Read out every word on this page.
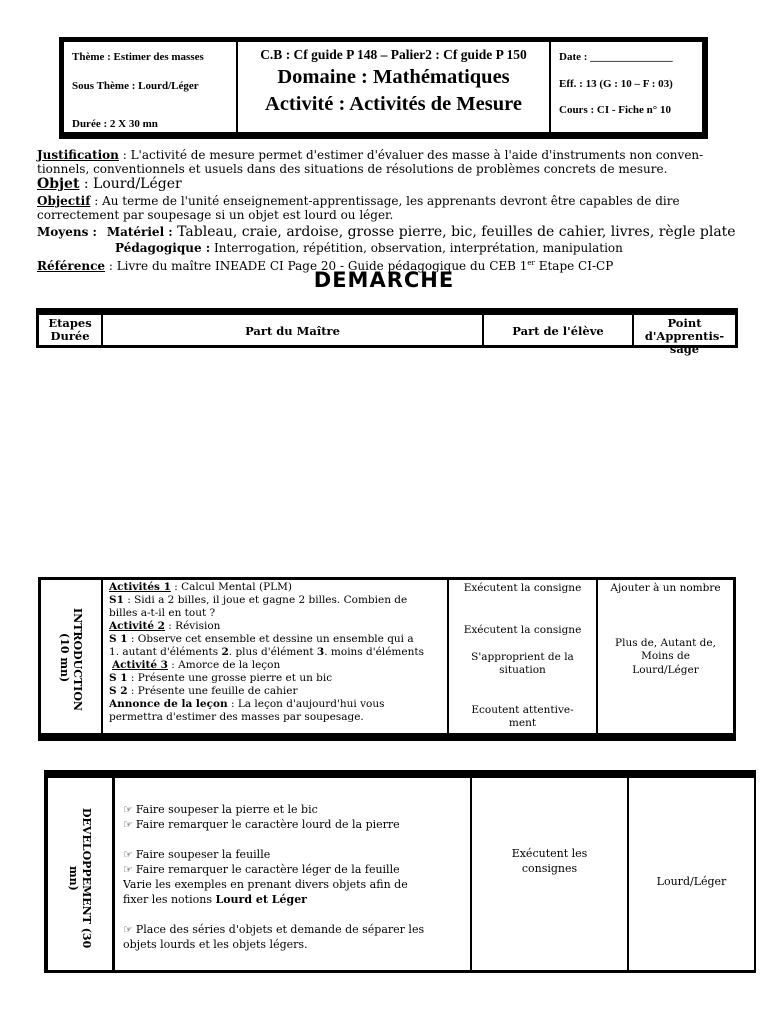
Thème : Estimer des masses
Sous Thème : Lourd/Léger
Durée : 2 X 30 mn
C.B : Cf guide P 148 – Palier2 : Cf guide P 150
Domaine : Mathématiques
Activité : Activités de Mesure
Date : _______________
Eff. : 13 (G : 10 – F : 03)
Cours : CI - Fiche n° 10
Justification : L'activité de mesure permet d'estimer d'évaluer des masse à l'aide d'instruments non conven-
tionnels, conventionnels et usuels dans des situations de résolutions de problèmes concrets de mesure.
Objet : Lourd/Léger
Objectif : Au terme de l'unité enseignement-apprentissage, les apprenants devront être capables de dire
correctement par soupesage si un objet est lourd ou léger.
Moyens : Matériel : Tableau, craie, ardoise, grosse pierre, bic, feuilles de cahier, livres, règle plate
Pédagogique : Interrogation, répétition, observation, interprétation, manipulation
Référence : Livre du maître INEADE CI Page 20 - Guide pédagogique du CEB 1er Etape CI-CP
DEMARCHE
Etapes
Durée	Part du Maître	Part de l'élève
Point d'Apprentis-
sage
INTRODUCTION
(10 mn)
Activités 1 : Calcul Mental (PLM)
S1 : Sidi a 2 billes, il joue et gagne 2 billes. Combien de
billes a-t-il en tout ?
Activité 2 : Révision
S 1 : Observe cet ensemble et dessine un ensemble qui a
1. autant d'éléments 2. plus d'élément 3. moins d'éléments
Activité 3 : Amorce de la leçon
S 1 : Présente une grosse pierre et un bic
S 2 : Présente une feuille de cahier
Annonce de la leçon : La leçon d'aujourd'hui vous
permettra d'estimer des masses par soupesage.
Exécutent la consigne
Exécutent la consigne
S'approprient de la
situation
Ecoutent attentive-
ment
Ajouter à un nombre
Plus de, Autant de,
Moins de
Lourd/Léger
DEVELOPPEMENT (30
mn)
☞ Faire soupeser la pierre et le bic
☞ Faire remarquer le caractère lourd de la pierre
☞ Faire soupeser la feuille
☞ Faire remarquer le caractère léger de la feuille
Varie les exemples en prenant divers objets afin de
fixer les notions Lourd et Léger
☞ Place des séries d'objets et demande de séparer les
objets lourds et les objets légers.
Exécutent les
consignes
Lourd/Léger
